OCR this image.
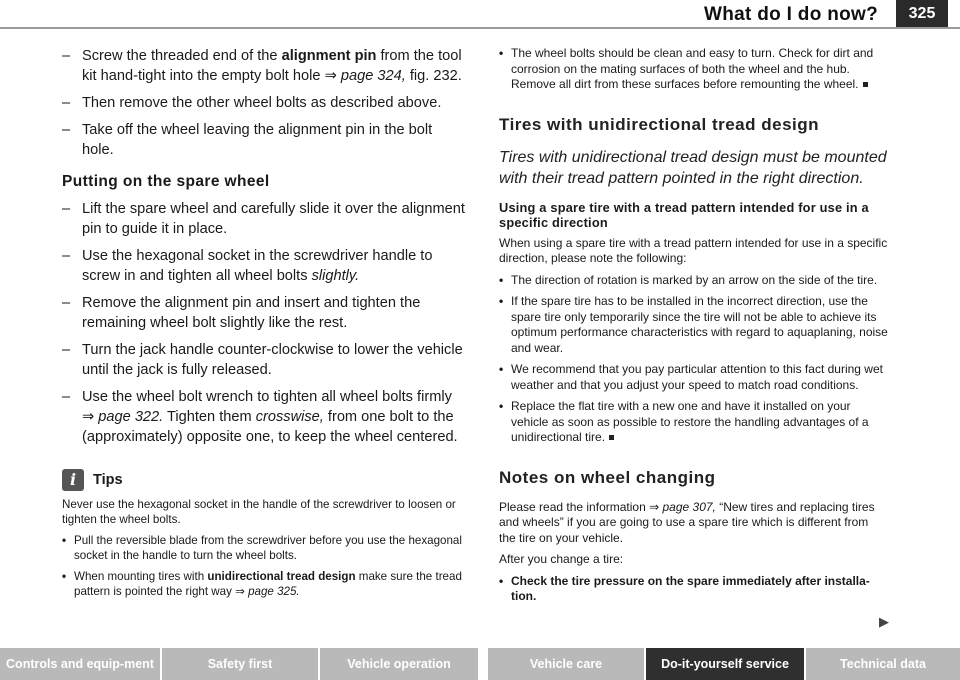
What do I do now?	325
– Screw the threaded end of the alignment pin from the tool kit hand-tight into the empty bolt hole ⇒ page 324, fig. 232.
– Then remove the other wheel bolts as described above.
– Take off the wheel leaving the alignment pin in the bolt hole.
Putting on the spare wheel
– Lift the spare wheel and carefully slide it over the alignment pin to guide it in place.
– Use the hexagonal socket in the screwdriver handle to screw in and tighten all wheel bolts slightly.
– Remove the alignment pin and insert and tighten the remaining wheel bolt slightly like the rest.
– Turn the jack handle counter-clockwise to lower the vehicle until the jack is fully released.
– Use the wheel bolt wrench to tighten all wheel bolts firmly ⇒ page 322. Tighten them crosswise, from one bolt to the (approximately) opposite one, to keep the wheel centered.
i	Tips

Never use the hexagonal socket in the handle of the screwdriver to loosen or tighten the wheel bolts.

• Pull the reversible blade from the screwdriver before you use the hexagonal socket in the handle to turn the wheel bolts.

• When mounting tires with unidirectional tread design make sure the tread pattern is pointed the right way ⇒ page 325.

• The wheel bolts should be clean and easy to turn. Check for dirt and corrosion on the mating surfaces of both the wheel and the hub. Remove all dirt from these surfaces before remounting the wheel.

Tires with unidirectional tread design

Tires with unidirectional tread design must be mounted with their tread pattern pointed in the right direction.

Using a spare tire with a tread pattern intended for use in a specific direction

When using a spare tire with a tread pattern intended for use in a specific direction, please note the following:

• The direction of rotation is marked by an arrow on the side of the tire.

• If the spare tire has to be installed in the incorrect direction, use the spare tire only temporarily since the tire will not be able to achieve its optimum performance characteristics with regard to aquaplaning, noise and wear.

• We recommend that you pay particular attention to this fact during wet weather and that you adjust your speed to match road conditions.

• Replace the flat tire with a new one and have it installed on your vehicle as soon as possible to restore the handling advantages of a unidirectional tire.

Notes on wheel changing

Please read the information ⇒ page 307, “New tires and replacing tires and wheels” if you are going to use a spare tire which is different from the tire on your vehicle.

After you change a tire:

• Check the tire pressure on the spare immediately after installa-tion.

▶
Controls and equip-ment	Safety first	Vehicle operation	Vehicle care	Do-it-yourself service	Technical data
